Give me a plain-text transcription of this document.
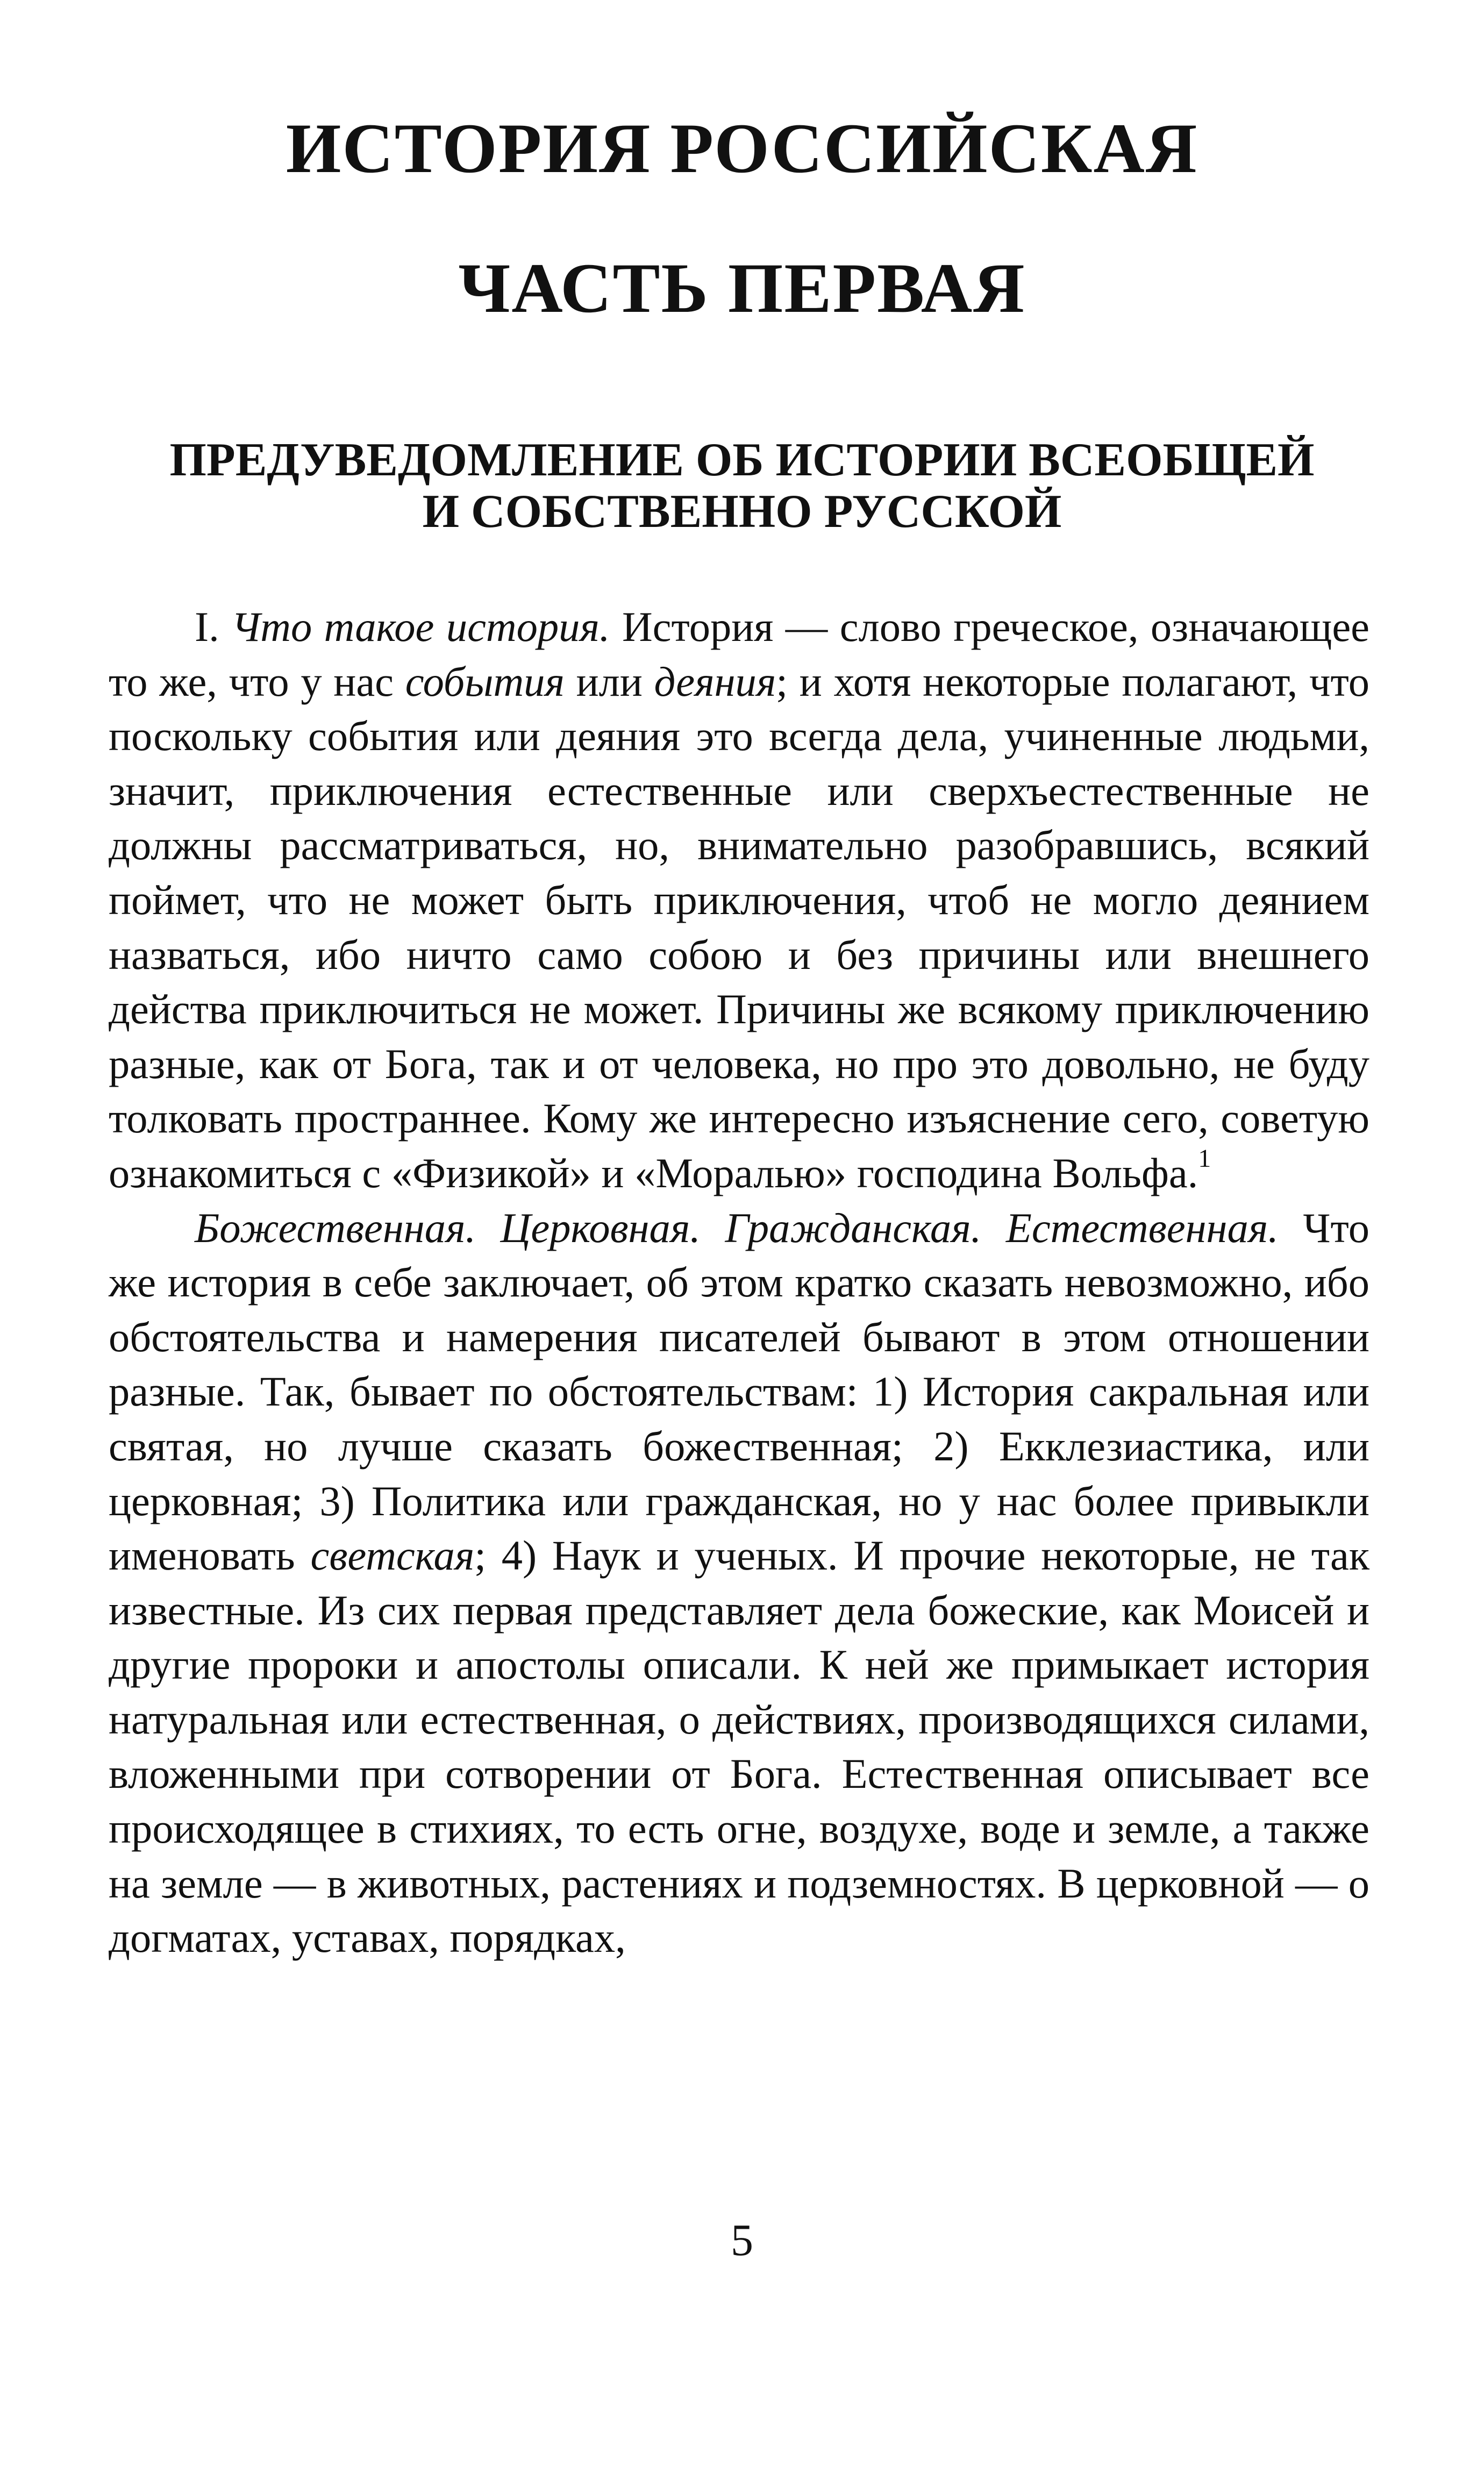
ИСТОРИЯ РОССИЙСКАЯ
ЧАСТЬ ПЕРВАЯ
ПРЕДУВЕДОМЛЕНИЕ ОБ ИСТОРИИ ВСЕОБЩЕЙ
И СОБСТВЕННО РУССКОЙ

I. Что такое история. История — слово греческое, означающее то же, что у нас события или деяния; и хотя некоторые полагают, что поскольку события или деяния это всегда дела, учиненные людьми, значит, приключения естественные или сверхъестественные не должны рассматриваться, но, внимательно разобравшись, всякий поймет, что не может быть приключения, чтоб не могло деянием назваться, ибо ничто само собою и без причины или внешнего действа приключиться не может. Причины же всякому приключению разные, как от Бога, так и от человека, но про это довольно, не буду толковать пространнее. Кому же интересно изъяснение сего, советую ознакомиться с «Физикой» и «Моралью» господина Вольфа.$^1$

Божественная. Церковная. Гражданская. Естественная. Что же история в себе заключает, об этом кратко сказать невозможно, ибо обстоятельства и намерения писателей бывают в этом отношении разные. Так, бывает по обстоятельствам: 1) История сакральная или святая, но лучше сказать божественная; 2) Екклезиастика, или церковная; 3) Политика или гражданская, но у нас более привыкли именовать светская; 4) Наук и ученых. И прочие некоторые, не так известные. Из сих первая представляет дела божеские, как Моисей и другие пророки и апостолы описали. К ней же примыкает история натуральная или естественная, о действиях, производящихся силами, вложенными при сотворении от Бога. Естественная описывает все происходящее в стихиях, то есть огне, воздухе, воде и земле, а также на земле — в животных, растениях и подземностях. В церковной — о догматах, уставах, порядках,

5
